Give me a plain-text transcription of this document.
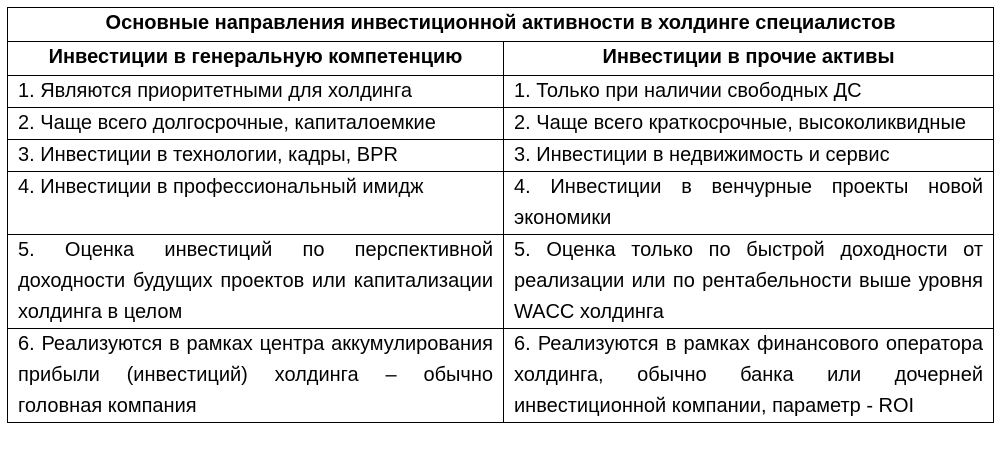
Основные направления инвестиционной активности в холдинге специалистов	
Инвестиции в генеральную компетенцию	Инвестиции в прочие активы
1. Являются приоритетными для холдинга	1. Только при наличии свободных ДС
2. Чаще всего долгосрочные, капиталоемкие	2. Чаще всего краткосрочные, высоколиквидные
3. Инвестиции в технологии, кадры, BPR	3. Инвестиции в недвижимость и сервис
4. Инвестиции в профессиональный имидж	4. Инвестиции в венчурные проекты новой экономики
5. Оценка инвестиций по перспективной доходности будущих проектов или капитализации холдинга в целом	5. Оценка только по быстрой доходности от реализации или по рентабельности выше уровня WACC холдинга
6. Реализуются в рамках центра аккумулирования прибыли (инвестиций) холдинга – обычно головная компания	6. Реализуются в рамках финансового оператора холдинга, обычно банка или дочерней инвестиционной компании, параметр - ROI
